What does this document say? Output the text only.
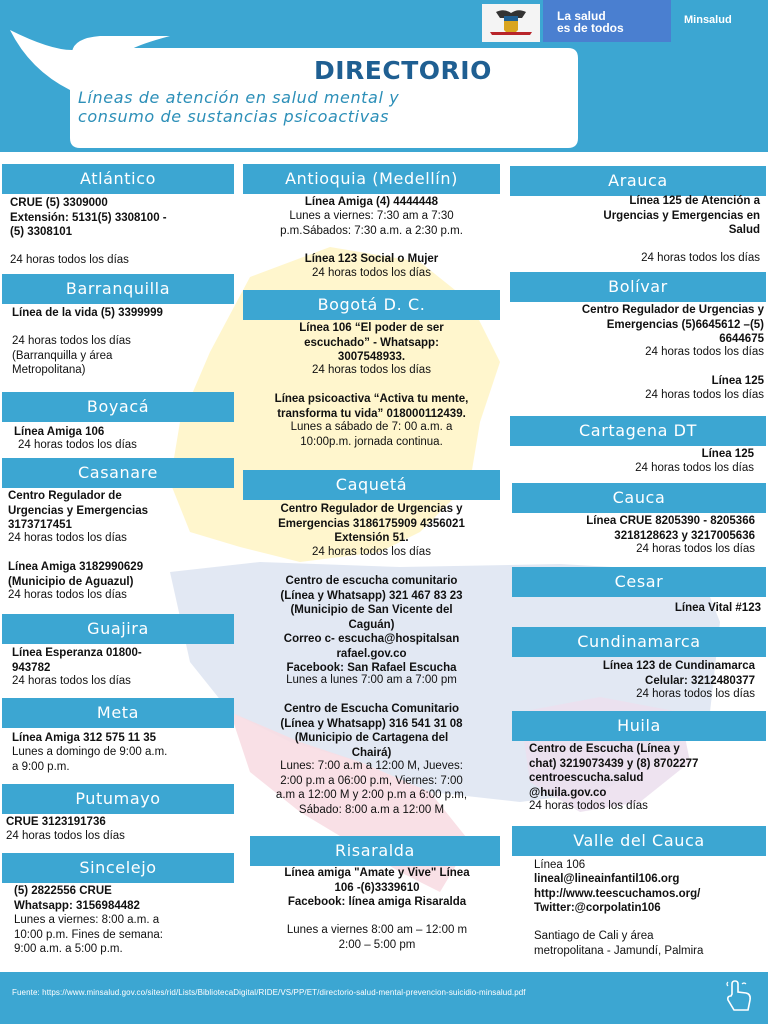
DIRECTORIO
Líneas de atención en salud mental y
consumo de sustancias psicoactivas
La salud
es de todos
Minsalud
Atlántico

CRUE (5) 3309000
Extensión: 5131(5) 3308100 -
(5) 3308101

24 horas todos los días

Barranquilla

Línea de la vida (5) 3399999

24 horas todos los días
(Barranquilla y área
Metropolitana)

Boyacá

Línea Amiga 106

24 horas todos los días

Casanare

Centro Regulador de
Urgencias y Emergencias
3173717451

24 horas todos los días

Línea Amiga 3182990629
(Municipio de Aguazul)

24 horas todos los días

Guajira

Línea Esperanza 01800-
943782

24 horas todos los días

Meta

Línea Amiga 312 575 11 35

Lunes a domingo de 9:00 a.m.
a 9:00 p.m.

Putumayo

CRUE 3123191736

24 horas todos los días

Sincelejo

(5) 2822556 CRUE
Whatsapp: 3156984482

Lunes a viernes: 8:00 a.m. a
10:00 p.m. Fines de semana:
9:00 a.m. a 5:00 p.m.

Antioquia (Medellín)

Línea Amiga (4) 4444448

Lunes a viernes: 7:30 am a 7:30
p.m.Sábados: 7:30 a.m. a 2:30 p.m.

Línea 123 Social o Mujer

24 horas todos los días

Bogotá D. C.

Línea 106 “El poder de ser
escuchado” - Whatsapp:
3007548933.

24 horas todos los días

Línea psicoactiva “Activa tu mente,
transforma tu vida” 018000112439.

Lunes a sábado de 7: 00 a.m. a
10:00p.m. jornada continua.

Caquetá

Centro Regulador de Urgencias y
Emergencias 3186175909 4356021
Extensión 51.

24 horas todos los días

Centro de escucha comunitario
(Línea y Whatsapp) 321 467 83 23
(Municipio de San Vicente del
Caguán)
Correo c- escucha@hospitalsan
rafael.gov.co
Facebook: San Rafael Escucha

Lunes a lunes 7:00 am a 7:00 pm

Centro de Escucha Comunitario
(Línea y Whatsapp) 316 541 31 08
(Municipio de Cartagena del
Chairá)

Lunes: 7:00 a.m a 12:00 M, Jueves:
2:00 p.m a 06:00 p.m, Viernes: 7:00
a.m a 12:00 M y 2:00 p.m a 6:00 p.m,
Sábado: 8:00 a.m a 12:00 M

Risaralda

Línea amiga "Amate y Vive" Línea
106 -(6)3339610
Facebook: línea amiga Risaralda

Lunes a viernes 8:00 am – 12:00 m
2:00 – 5:00 pm

Arauca

Línea 125 de Atención a
Urgencias y Emergencias en
Salud

24 horas todos los días

Bolívar

Centro Regulador de Urgencias y
Emergencias (5)6645612 –(5)
6644675

24 horas todos los días

Línea 125

24 horas todos los días

Cartagena DT

Línea 125

24 horas todos los días

Cauca

Línea CRUE 8205390 - 8205366
3218128623 y 3217005636

24 horas todos los días

Cesar

Línea Vital #123

Cundinamarca

Línea 123 de Cundinamarca
Celular: 3212480377

24 horas todos los días

Huila

Centro de Escucha (Línea y
chat) 3219073439 y (8) 8702277
centroescucha.salud
@huila.gov.co

24 horas todos los días

Valle del Cauca

Línea 106

lineal@lineainfantil106.org
http://www.teescuchamos.org/
Twitter:@corpolatin106

Santiago de Cali y área
metropolitana - Jamundí, Palmira

Fuente: https://www.minsalud.gov.co/sites/rid/Lists/BibliotecaDigital/RIDE/VS/PP/ET/directorio-salud-mental-prevencion-suicidio-minsalud.pdf
